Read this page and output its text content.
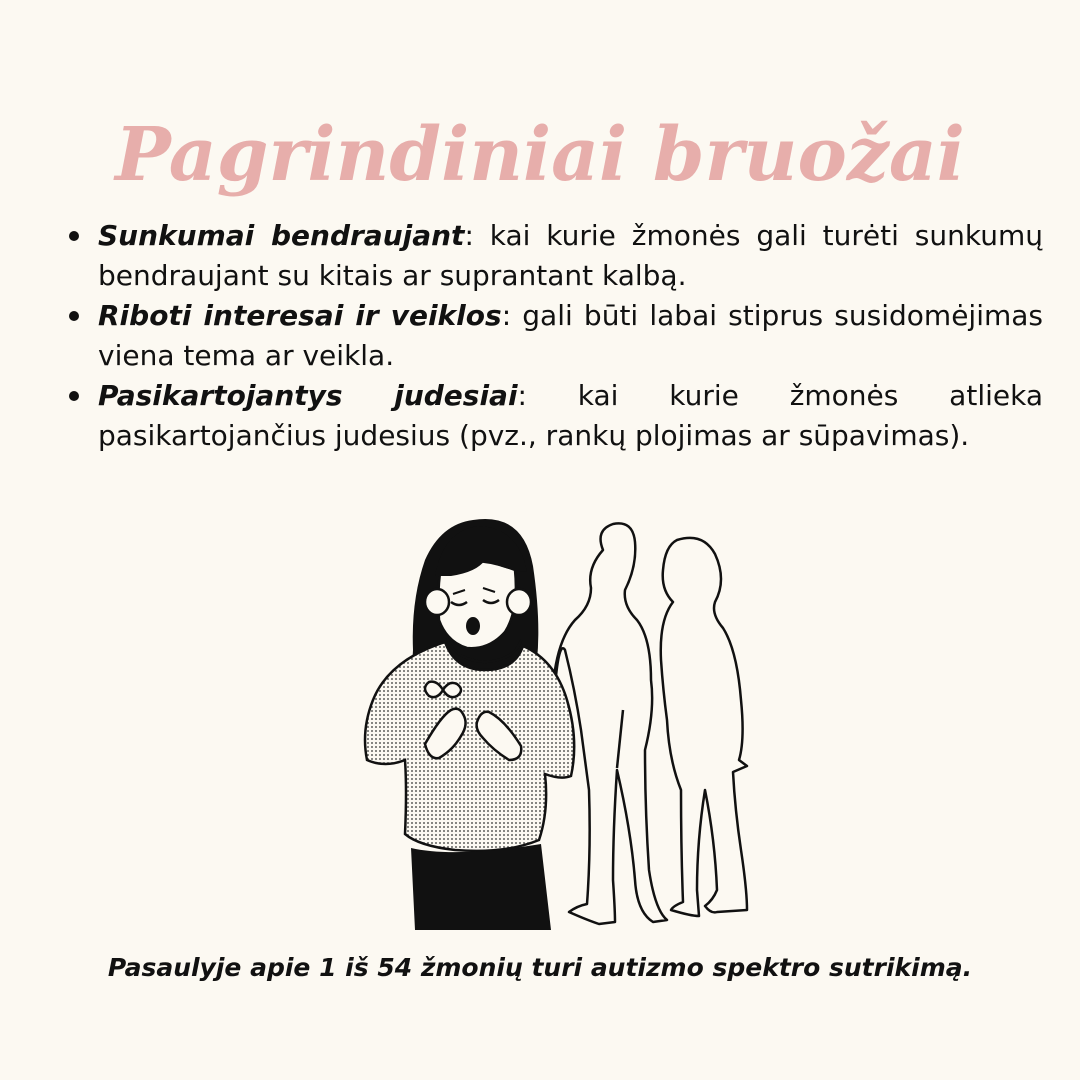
Pagrindiniai bruožai
Sunkumai bendraujant: kai kurie žmonės gali turėti sunkumų bendraujant su kitais ar suprantant kalbą.
Riboti interesai ir veiklos: gali būti labai stiprus susidomėjimas viena tema ar veikla.
Pasikartojantys judesiai: kai kurie žmonės atlieka pasikartojančius judesius (pvz., rankų plojimas ar sūpavimas).
Pasaulyje apie 1 iš 54 žmonių turi autizmo spektro sutrikimą.
